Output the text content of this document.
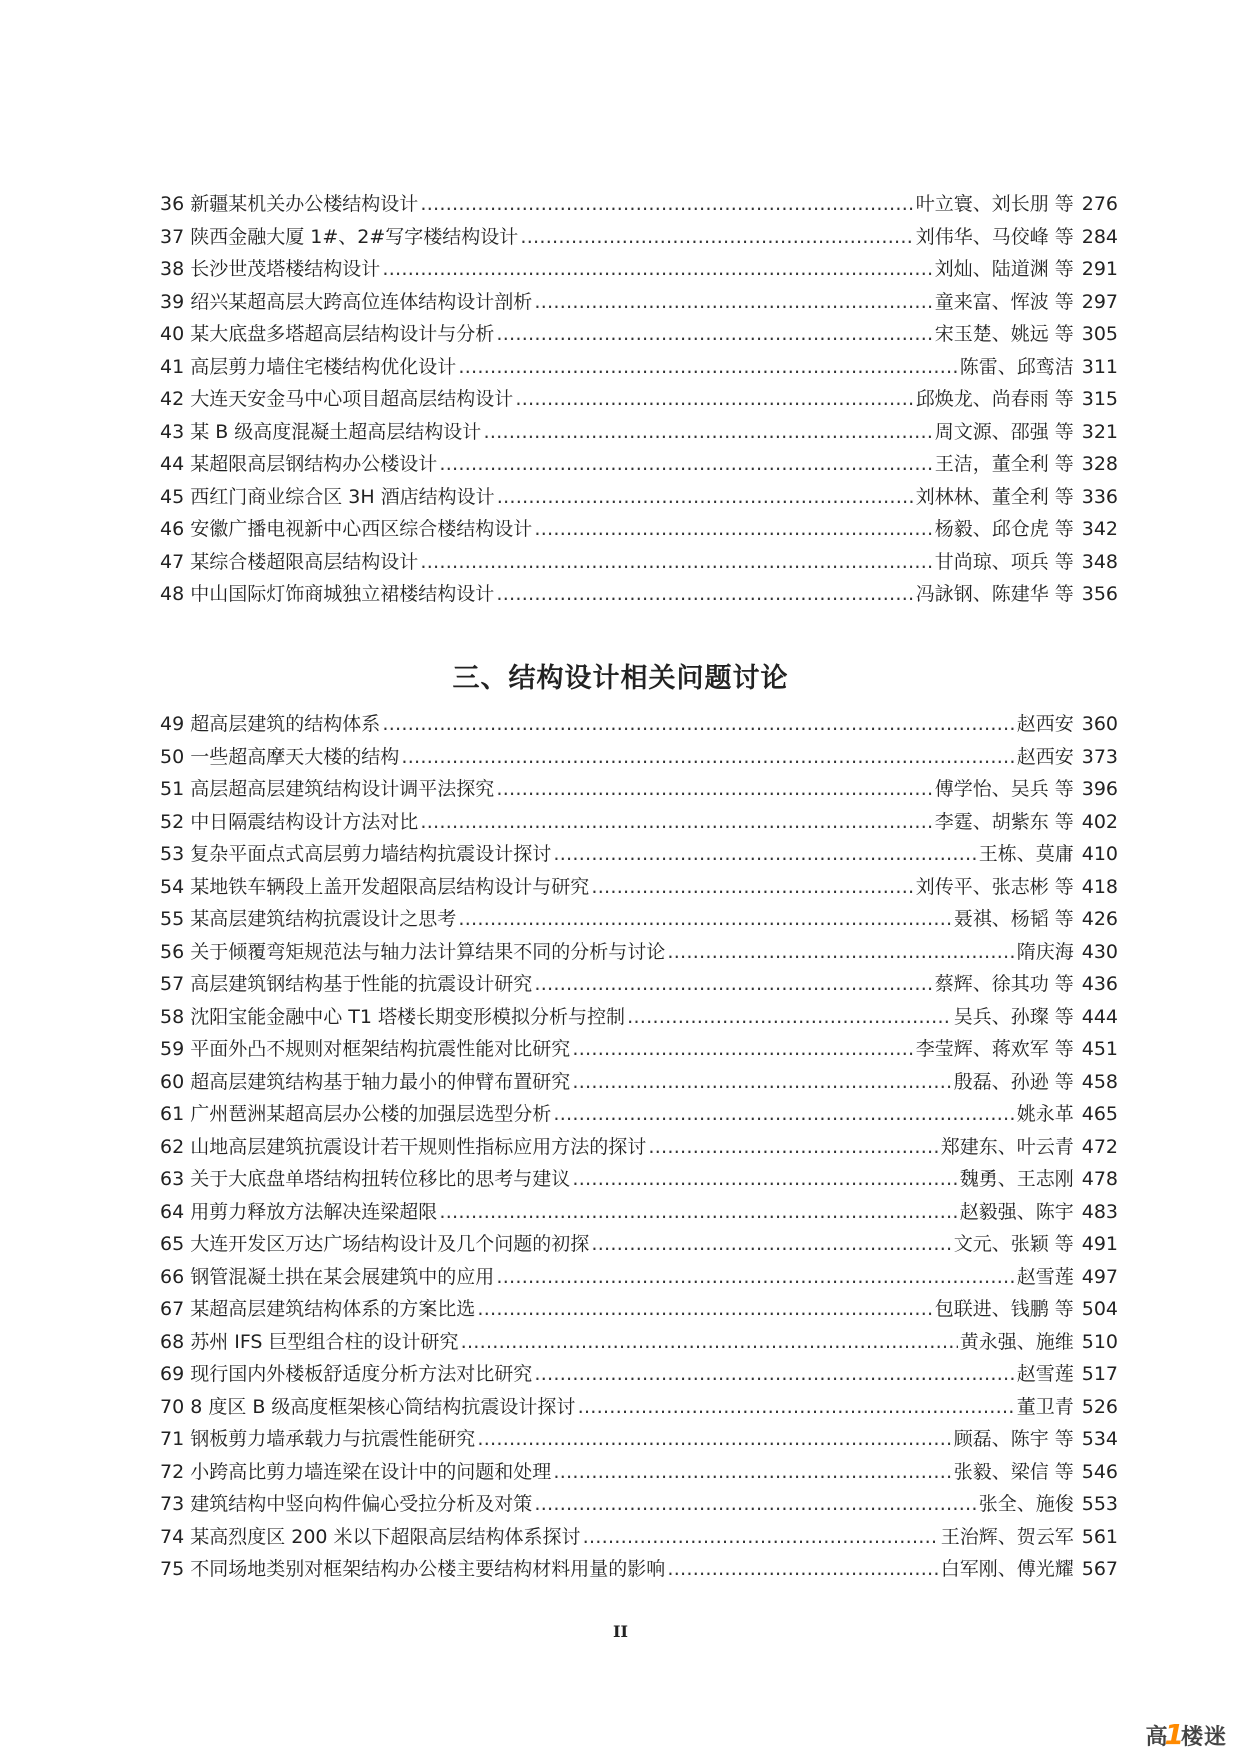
36 新疆某机关办公楼结构设计 ……………………………………………………………………………………………………………………………………………………………………………………………………………	叶立寰、刘长朋 等 276
37 陕西金融大厦 1#、2#写字楼结构设计 ……………………………………………………………………………………………………………………………………………………………………………………………………………	刘伟华、马佼峰 等 284
38 长沙世茂塔楼结构设计 ……………………………………………………………………………………………………………………………………………………………………………………………………………	刘灿、陆道渊 等 291
39 绍兴某超高层大跨高位连体结构设计剖析 ……………………………………………………………………………………………………………………………………………………………………………………………………………	童来富、恽波 等 297
40 某大底盘多塔超高层结构设计与分析 ……………………………………………………………………………………………………………………………………………………………………………………………………………	宋玉楚、姚远 等 305
41 高层剪力墙住宅楼结构优化设计 ……………………………………………………………………………………………………………………………………………………………………………………………………………	陈雷、邱鸾洁 311
42 大连天安金马中心项目超高层结构设计 ……………………………………………………………………………………………………………………………………………………………………………………………………………	邱焕龙、尚春雨 等 315
43 某 B 级高度混凝土超高层结构设计 ……………………………………………………………………………………………………………………………………………………………………………………………………………	周文源、邵强 等 321
44 某超限高层钢结构办公楼设计 ……………………………………………………………………………………………………………………………………………………………………………………………………………	王洁，董全利 等 328
45 西红门商业综合区 3H 酒店结构设计 ……………………………………………………………………………………………………………………………………………………………………………………………………………	刘林林、董全利 等 336
46 安徽广播电视新中心西区综合楼结构设计 ……………………………………………………………………………………………………………………………………………………………………………………………………………	杨毅、邱仓虎 等 342
47 某综合楼超限高层结构设计 ……………………………………………………………………………………………………………………………………………………………………………………………………………	甘尚琼、项兵 等 348
48 中山国际灯饰商城独立裙楼结构设计 ……………………………………………………………………………………………………………………………………………………………………………………………………………	冯詠钢、陈建华 等 356
三、结构设计相关问题讨论
49 超高层建筑的结构体系 ……………………………………………………………………………………………………………………………………………………………………………………………………………	赵西安 360
50 一些超高摩天大楼的结构 ……………………………………………………………………………………………………………………………………………………………………………………………………………	赵西安 373
51 高层超高层建筑结构设计调平法探究 ……………………………………………………………………………………………………………………………………………………………………………………………………………	傅学怡、吴兵 等 396
52 中日隔震结构设计方法对比 ……………………………………………………………………………………………………………………………………………………………………………………………………………	李霆、胡紫东 等 402
53 复杂平面点式高层剪力墙结构抗震设计探讨 ……………………………………………………………………………………………………………………………………………………………………………………………………………	王栋、莫庸 410
54 某地铁车辆段上盖开发超限高层结构设计与研究 ……………………………………………………………………………………………………………………………………………………………………………………………………………	刘传平、张志彬 等 418
55 某高层建筑结构抗震设计之思考 ……………………………………………………………………………………………………………………………………………………………………………………………………………	聂祺、杨韬 等 426
56 关于倾覆弯矩规范法与轴力法计算结果不同的分析与讨论 ……………………………………………………………………………………………………………………………………………………………………………………………………………	隋庆海 430
57 高层建筑钢结构基于性能的抗震设计研究 ……………………………………………………………………………………………………………………………………………………………………………………………………………	蔡辉、徐其功 等 436
58 沈阳宝能金融中心 T1 塔楼长期变形模拟分析与控制 ……………………………………………………………………………………………………………………………………………………………………………………………………………	吴兵、孙璨 等 444
59 平面外凸不规则对框架结构抗震性能对比研究 ……………………………………………………………………………………………………………………………………………………………………………………………………………	李莹辉、蒋欢军 等 451
60 超高层建筑结构基于轴力最小的伸臂布置研究 ……………………………………………………………………………………………………………………………………………………………………………………………………………	殷磊、孙逊 等 458
61 广州琶洲某超高层办公楼的加强层选型分析 ……………………………………………………………………………………………………………………………………………………………………………………………………………	姚永革 465
62 山地高层建筑抗震设计若干规则性指标应用方法的探讨 ……………………………………………………………………………………………………………………………………………………………………………………………………………	郑建东、叶云青 472
63 关于大底盘单塔结构扭转位移比的思考与建议 ……………………………………………………………………………………………………………………………………………………………………………………………………………	魏勇、王志刚 478
64 用剪力释放方法解决连梁超限 ……………………………………………………………………………………………………………………………………………………………………………………………………………	赵毅强、陈宇 483
65 大连开发区万达广场结构设计及几个问题的初探 ……………………………………………………………………………………………………………………………………………………………………………………………………………	文元、张颖 等 491
66 钢管混凝土拱在某会展建筑中的应用 ……………………………………………………………………………………………………………………………………………………………………………………………………………	赵雪莲 497
67 某超高层建筑结构体系的方案比选 ……………………………………………………………………………………………………………………………………………………………………………………………………………	包联进、钱鹏 等 504
68 苏州 IFS 巨型组合柱的设计研究 ……………………………………………………………………………………………………………………………………………………………………………………………………………	黄永强、施维 510
69 现行国内外楼板舒适度分析方法对比研究 ……………………………………………………………………………………………………………………………………………………………………………………………………………	赵雪莲 517
70 8 度区 B 级高度框架核心筒结构抗震设计探讨 ……………………………………………………………………………………………………………………………………………………………………………………………………………	董卫青 526
71 钢板剪力墙承载力与抗震性能研究 ……………………………………………………………………………………………………………………………………………………………………………………………………………	顾磊、陈宇 等 534
72 小跨高比剪力墙连梁在设计中的问题和处理 ……………………………………………………………………………………………………………………………………………………………………………………………………………	张毅、梁信 等 546
73 建筑结构中竖向构件偏心受拉分析及对策 ……………………………………………………………………………………………………………………………………………………………………………………………………………	张全、施俊 553
74 某高烈度区 200 米以下超限高层结构体系探讨 ……………………………………………………………………………………………………………………………………………………………………………………………………………	王治辉、贺云军 561
75 不同场地类别对框架结构办公楼主要结构材料用量的影响 ……………………………………………………………………………………………………………………………………………………………………………………………………………	白军刚、傅光耀 567
II
高1楼迷
